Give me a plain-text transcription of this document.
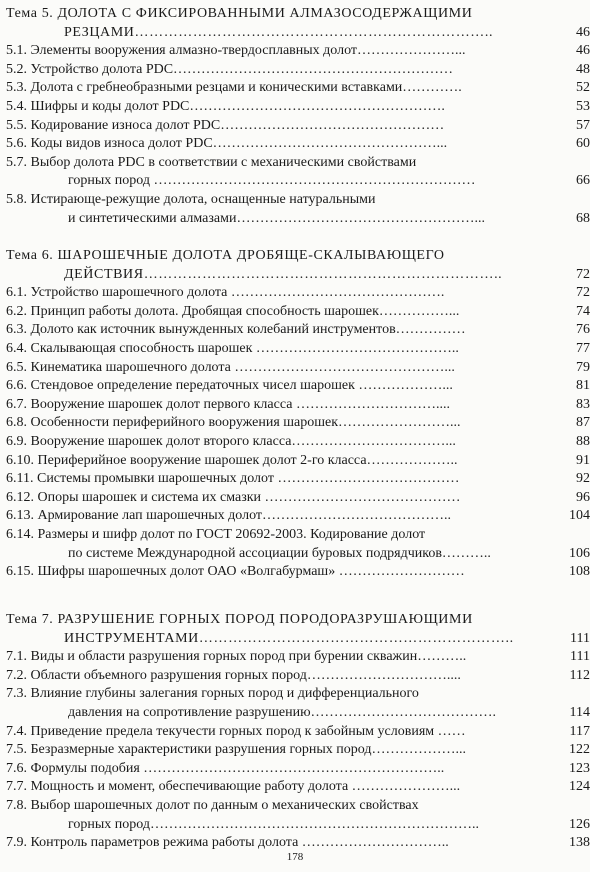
Тема 5. ДОЛОТА С ФИКСИРОВАННЫМИ АЛМАЗОСОДЕРЖАЩИМИ
РЕЗЦАМИ………………………………………………………………..	46
5.1. Элементы вооружения алмазно-твердосплавных долот…………………...	46
5.2. Устройство долота PDC……………………………………………………	48
5.3. Долота с гребнеобразными резцами и коническими вставками………….	52
5.4. Шифры и коды долот PDC……………………………………………….	53
5.5. Кодирование износа долот PDC…………………………………………	57
5.6. Коды видов износа долот PDC…………………………………………...	60
5.7. Выбор долота PDC в соответствии с механическими свойствами
горных пород ……………………………………………………………	66
5.8. Истирающе-режущие долота, оснащенные натуральными
и синтетическими алмазами……………………………………………...	68
Тема 6. ШАРОШЕЧНЫЕ ДОЛОТА ДРОБЯЩЕ-СКАЛЫВАЮЩЕГО
ДЕЙСТВИЯ………………………………………………………………..	72
6.1. Устройство шарошечного долота ……………………………………….	72
6.2. Принцип работы долота. Дробящая способность шарошек……………...	74
6.3. Долото как источник вынужденных колебаний инструментов……………	76
6.4. Скалывающая способность шарошек ……………………………………..	77
6.5. Кинематика шарошечного долота ………………………………………...	79
6.6. Стендовое определение передаточных чисел шарошек ………………...	81
6.7. Вооружение шарошек долот первого класса …………………………....	83
6.8. Особенности периферийного вооружения шарошек……………………...	87
6.9. Вооружение шарошек долот второго класса……………………………...	88
6.10. Периферийное вооружение шарошек долот 2-го класса………………..	91
6.11. Системы промывки шарошечных долот …………………………………	92
6.12. Опоры шарошек и система их смазки ……………………………………	96
6.13. Армирование лап шарошечных долот…………………………………..	104
6.14. Размеры и шифр долот по ГОСТ 20692-2003. Кодирование долот
по системе Международной ассоциации буровых подрядчиков………..	106
6.15. Шифры шарошечных долот ОАО «Волгабурмаш» ………………………	108
Тема 7. РАЗРУШЕНИЕ ГОРНЫХ ПОРОД ПОРОДОРАЗРУШАЮЩИМИ
ИНСТРУМЕНТАМИ………………………………………………………..	111
7.1. Виды и области разрушения горных пород при бурении скважин………..	111
7.2. Области объемного разрушения горных пород…………………………....	112
7.3. Влияние глубины залегания горных пород и дифференциального
давления на сопротивление разрушению………………………………….	114
7.4. Приведение предела текучести горных пород к забойным условиям ……	117
7.5. Безразмерные характеристики разрушения горных пород………………...	122
7.6. Формулы подобия ………………………………………………………..	123
7.7. Мощность и момент, обеспечивающие работу долота …………………...	124
7.8. Выбор шарошечных долот по данным о механических свойствах
горных пород……………………………………………………………..	126
7.9. Контроль параметров режима работы долота …………………………..	138
178
